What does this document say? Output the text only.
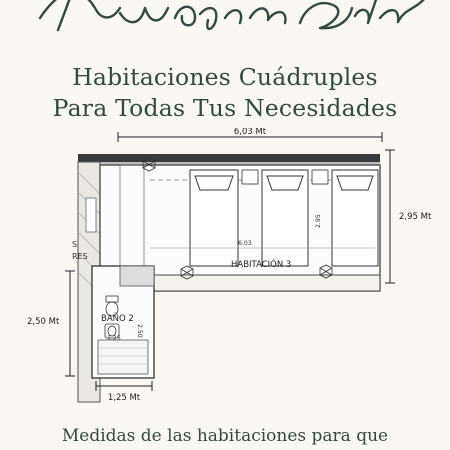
Habitaciones Cuádruples
Para Todas Tus Necesidades
6,03 Mt
2,95 Mt
6.03
2.95
HABITACIÓN 3
S
RES
1.25
2.50
BAÑO 2
2,50 Mt
1,25 Mt
Medidas de las habitaciones para que
